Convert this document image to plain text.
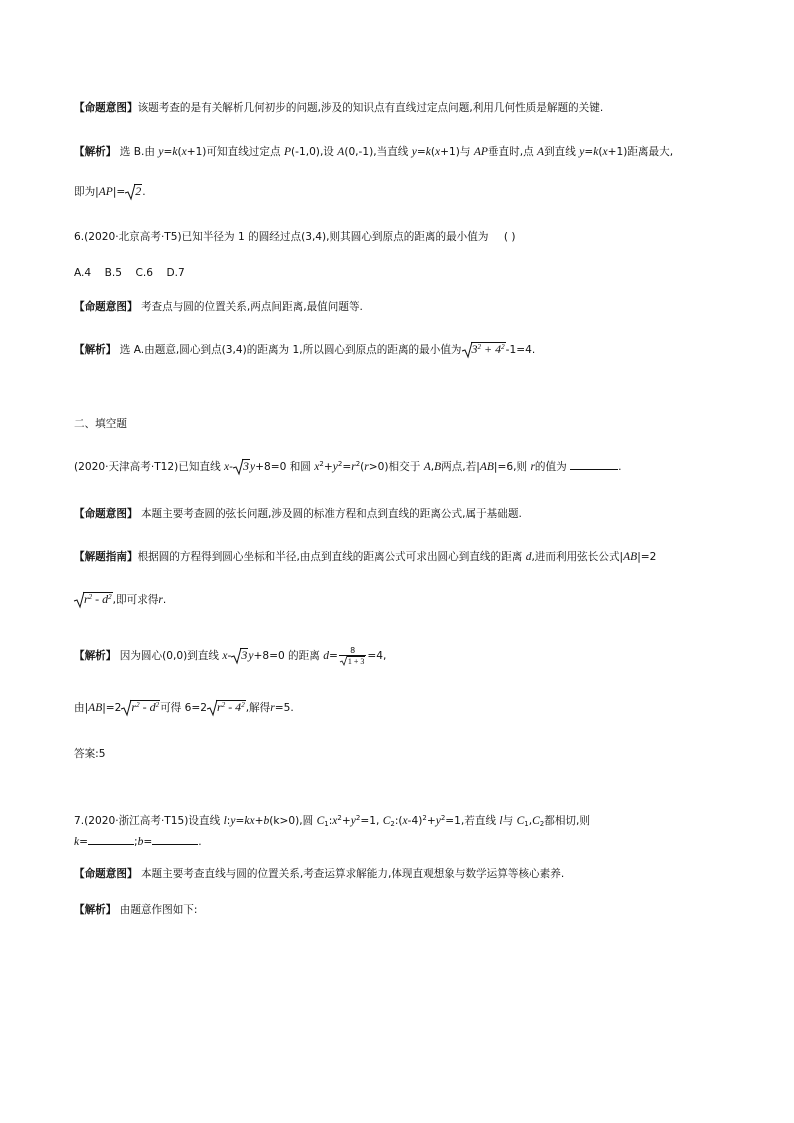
【命题意图】该题考查的是有关解析几何初步的问题,涉及的知识点有直线过定点问题,利用几何性质是解题的关键.
【解析】 选 B.由 y=k(x+1)可知直线过定点 P(-1,0),设 A(0,-1),当直线 y=k(x+1)与 AP垂直时,点 A到直线 y=k(x+1)距离最大,
即为|AP|= 2.
6.(2020·北京高考·T5)已知半径为 1 的圆经过点(3,4),则其圆心到原点的距离的最小值为 ( )
A.4    B.5    C.6    D.7
【命题意图】 考查点与圆的位置关系,两点间距离,最值问题等.
【解析】 选 A.由题意,圆心到点(3,4)的距离为 1,所以圆心到原点的距离的最小值为 $3^2 + 4^2-1=4$.
二、填空题
(2020·天津高考·T12)已知直线 x- 3y+8=0 和圆 $x^2+y^2=r^2(r>0)$相交于 A,B两点,若|AB|=6,则 r的值为	.
【命题意图】 本题主要考查圆的弦长问题,涉及圆的标准方程和点到直线的距离公式,属于基础题.
【解题指南】根据圆的方程得到圆心坐标和半径,由点到直线的距离公式可求出圆心到直线的距离 d,进而利用弦长公式|AB|=2
$r^2 - d^2$,即可求得r.
【解析】 因为圆心(0,0)到直线 x- 3y+8=0 的距离 $d= \frac{8}{1 + 3} =4$,
由|AB|=2 $r^2 - d^2$可得 6=2 $r^2 - 4^2$,解得r=5.
答案:5
7.(2020·浙江高考·T15)设直线 l:y=kx+b(k>0),圆 $C_1:x^2+y^2=1$, $C_2:(x-4)^2+y^2=1$,若直线 l与 $C_1,C_2$都相切,则
k=	;b=	.
【命题意图】 本题主要考查直线与圆的位置关系,考查运算求解能力,体现直观想象与数学运算等核心素养.
【解析】 由题意作图如下:
